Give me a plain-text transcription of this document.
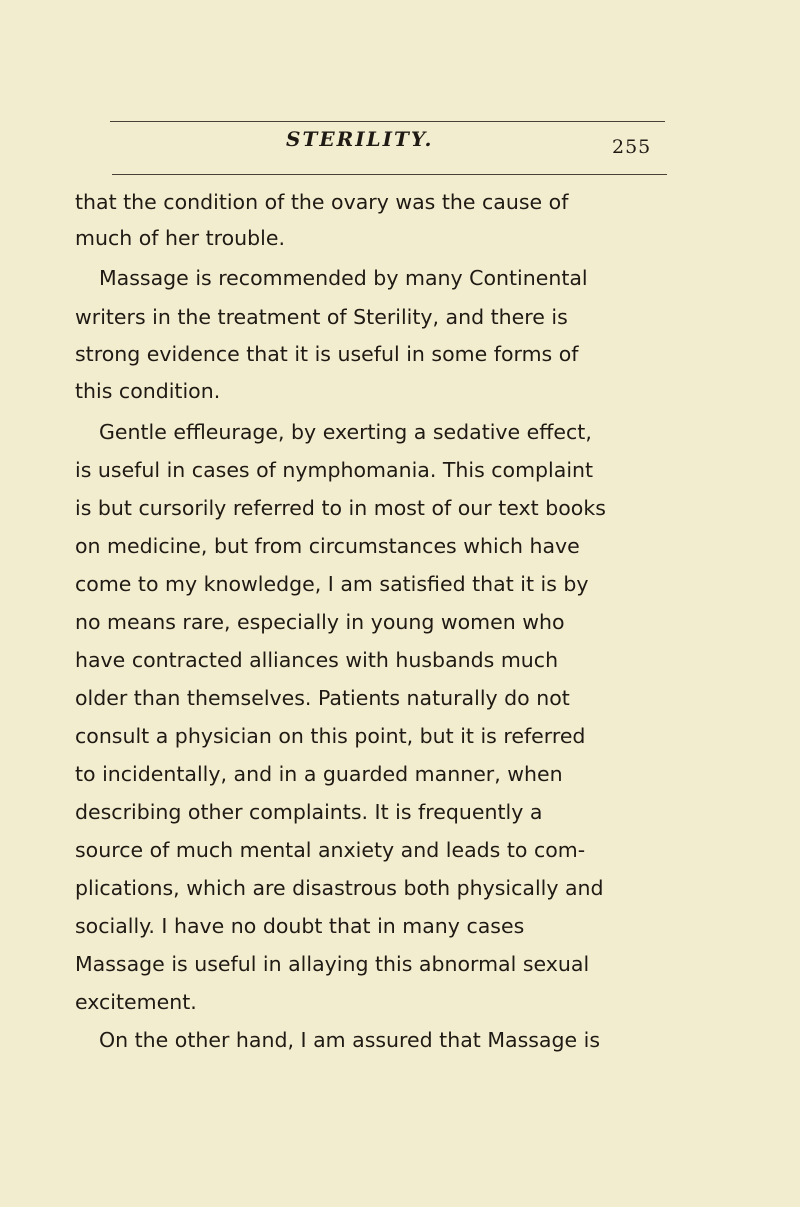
STERILITY.	255
that the condition of the ovary was the cause of
much of her trouble.
Massage is recommended by many Continental
writers in the treatment of Sterility, and there is
strong evidence that it is useful in some forms of
this condition.
Gentle effleurage, by exerting a sedative effect,
is useful in cases of nymphomania. This complaint
is but cursorily referred to in most of our text books
on medicine, but from circumstances which have
come to my knowledge, I am satisfied that it is by
no means rare, especially in young women who
have contracted alliances with husbands much
older than themselves. Patients naturally do not
consult a physician on this point, but it is referred
to incidentally, and in a guarded manner, when
describing other complaints. It is frequently a
source of much mental anxiety and leads to com-
plications, which are disastrous both physically and
socially. I have no doubt that in many cases
Massage is useful in allaying this abnormal sexual
excitement.
On the other hand, I am assured that Massage is
